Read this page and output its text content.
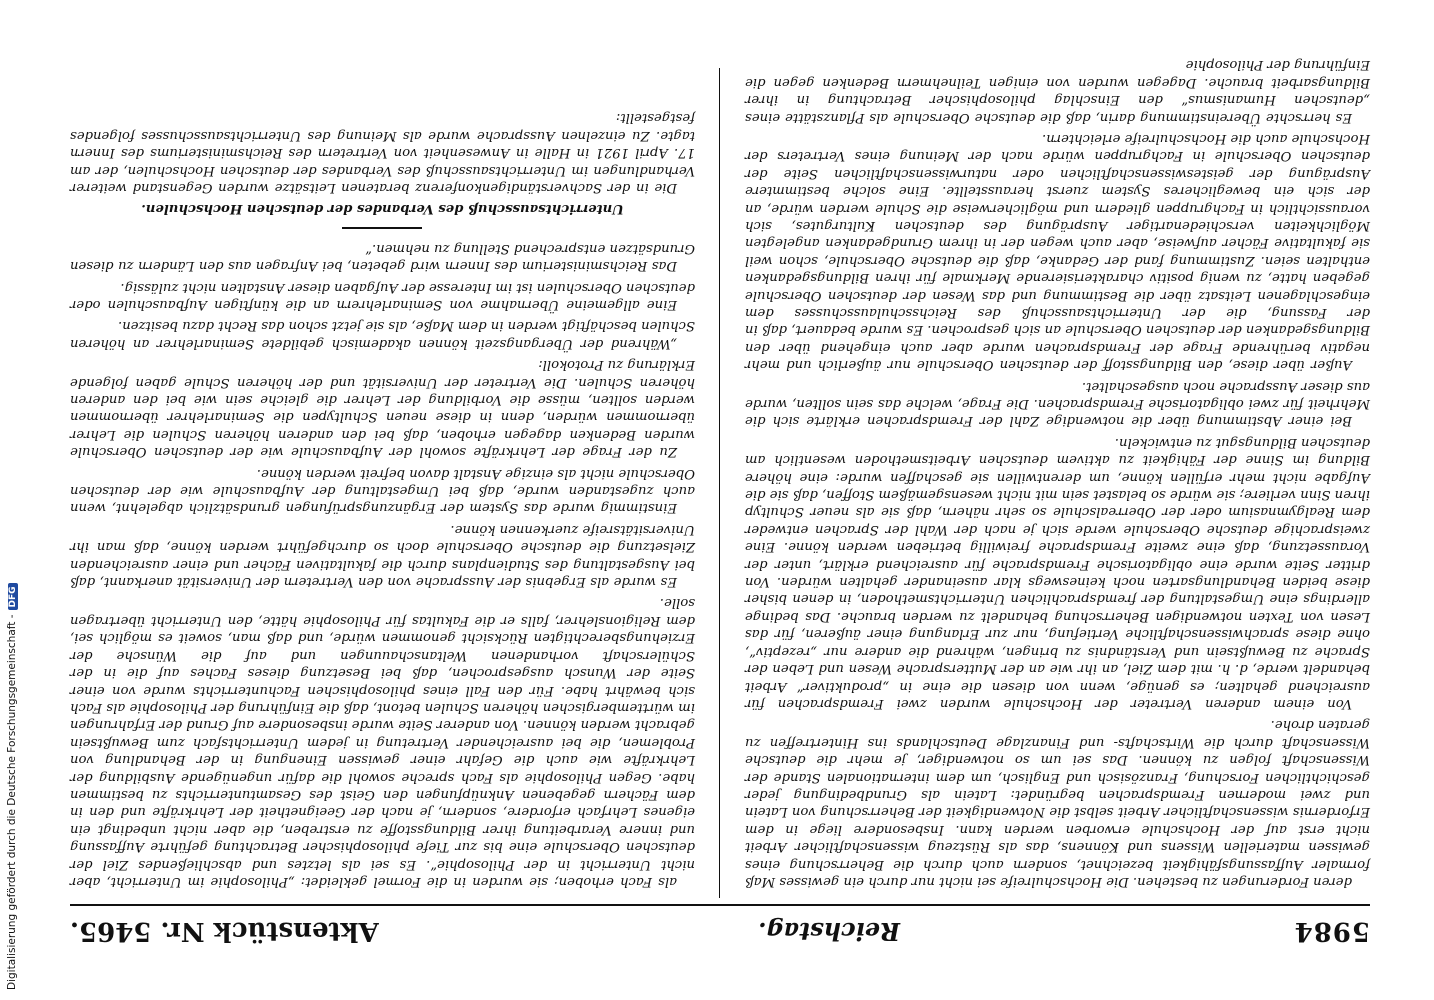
5984
Reichstag.
Aktenstück Nr. 5465.

deren Forderungen zu bestehen. Die Hochschulreife sei nicht nur durch ein gewisses Maß formaler Auffassungsfähigkeit bezeichnet, sondern auch durch die Beherrschung eines gewissen materiellen Wissens und Könnens, das als Rüstzeug wissenschaftlicher Arbeit nicht erst auf der Hochschule erworben werden kann. Insbesondere liege in dem Erfordernis wissenschaftlicher Arbeit selbst die Notwendigkeit der Beherrschung von Latein und zwei modernen Fremdsprachen begründet: Latein als Grundbedingung jeder geschichtlichen Forschung, Französisch und Englisch, um dem internationalen Stande der Wissenschaft folgen zu können. Das sei um so notwendiger, je mehr die deutsche Wissenschaft durch die Wirtschafts- und Finanzlage Deutschlands ins Hintertreffen zu geraten drohe.

Von einem anderen Vertreter der Hochschule wurden zwei Fremdsprachen für ausreichend gehalten; es genüge, wenn von diesen die eine in „produktiver“ Arbeit behandelt werde, d. h. mit dem Ziel, an ihr wie an der Muttersprache Wesen und Leben der Sprache zu Bewußtsein und Verständnis zu bringen, während die andere nur „rezeptiv“, ohne diese sprachwissenschaftliche Vertiefung, nur zur Erlangung einer äußeren, für das Lesen von Texten notwendigen Beherrschung behandelt zu werden brauche. Das bedinge allerdings eine Umgestaltung der fremdsprachlichen Unterrichtsmethoden, in denen bisher diese beiden Behandlungsarten noch keineswegs klar auseinander gehalten würden. Von dritter Seite wurde eine obligatorische Fremdsprache für ausreichend erklärt, unter der Voraussetzung, daß eine zweite Fremdsprache freiwillig betrieben werden könne. Eine zweisprachige deutsche Oberschule werde sich je nach der Wahl der Sprachen entweder dem Realgymnasium oder der Oberrealschule so sehr nähern, daß sie als neuer Schultyp ihren Sinn verliere; sie würde so belastet sein mit nicht wesensgemäßem Stoffen, daß sie die Aufgabe nicht mehr erfüllen könne, um derentwillen sie geschaffen wurde: eine höhere Bildung im Sinne der Fähigkeit zu aktivem deutschen Arbeitsmethoden wesentlich am deutschen Bildungsgut zu entwickeln.

Bei einer Abstimmung über die notwendige Zahl der Fremdsprachen erklärte sich die Mehrheit für zwei obligatorische Fremdsprachen. Die Frage, welche das sein sollten, wurde aus dieser Aussprache noch ausgeschaltet.

Außer über diese, den Bildungsstoff der deutschen Oberschule nur äußerlich und mehr negativ berührende Frage der Fremdsprachen wurde aber auch eingehend über den Bildungsgedanken der deutschen Oberschule an sich gesprochen. Es wurde bedauert, daß in der Fassung, die der Unterrichtsausschuß des Reichsschulausschusses dem eingeschlagenen Leitsatz über die Bestimmung und das Wesen der deutschen Oberschule gegeben hatte, zu wenig positiv charakterisierende Merkmale für ihren Bildungsgedanken enthalten seien. Zustimmung fand der Gedanke, daß die deutsche Oberschule, schon weil sie fakultative Fächer aufweise, aber auch wegen der in ihrem Grundgedanken angelegten Möglichkeiten verschiedenartiger Ausprägung des deutschen Kulturgutes, sich voraussichtlich in Fachgruppen gliedern und möglicherweise die Schule werden würde, an der sich ein beweglicheres System zuerst herausstellte. Eine solche bestimmtere Ausprägung der geisteswissenschaftlichen oder naturwissenschaftlichen Seite der deutschen Oberschule in Fachgruppen würde nach der Meinung eines Vertreters der Hochschule auch die Hochschulreife erleichtern.

Es herrschte Übereinstimmung darin, daß die deutsche Oberschule als Pflanzstätte eines „deutschen Humanismus“ den Einschlag philosophischer Betrachtung in ihrer Bildungsarbeit brauche. Dagegen wurden von einigen Teilnehmern Bedenken gegen die Einführung der Philosophie

als Fach erhoben; sie wurden in die Formel gekleidet: „Philosophie im Unterricht, aber nicht Unterricht in der Philosophie“. Es sei als letztes und abschließendes Ziel der deutschen Oberschule eine bis zur Tiefe philosophischer Betrachtung geführte Auffassung und innere Verarbeitung ihrer Bildungsstoffe zu erstreben, die aber nicht unbedingt ein eigenes Lehrfach erfordere, sondern, je nach der Geeignetheit der Lehrkräfte und den in dem Fächern gegebenen Anknüpfungen den Geist des Gesamtunterrichts zu bestimmen habe. Gegen Philosophie als Fach spreche sowohl die dafür ungenügende Ausbildung der Lehrkräfte wie auch die Gefahr einer gewissen Einengung in der Behandlung von Problemen, die bei ausreichender Vertretung in jedem Unterrichtsfach zum Bewußtsein gebracht werden können. Von anderer Seite wurde insbesondere auf Grund der Erfahrungen im württembergischen höheren Schulen betont, daß die Einführung der Philosophie als Fach sich bewährt habe. Für den Fall eines philosophischen Fachunterrichts wurde von einer Seite der Wunsch ausgesprochen, daß bei Besetzung dieses Faches auf die in der Schülerschaft vorhandenen Weltanschauungen und auf die Wünsche der Erziehungsberechtigten Rücksicht genommen würde, und daß man, soweit es möglich sei, dem Religionslehrer, falls er die Fakultas für Philosophie hätte, den Unterricht übertragen solle.

Es wurde als Ergebnis der Aussprache von den Vertretern der Universität anerkannt, daß bei Ausgestaltung des Studienplans durch die fakultativen Fächer und einer ausreichenden Zielsetzung die deutsche Oberschule doch so durchgeführt werden könne, daß man ihr Universitätsreife zuerkennen könne.

Einstimmig wurde das System der Ergänzungsprüfungen grundsätzlich abgelehnt, wenn auch zugestanden wurde, daß bei Umgestaltung der Aufbauschule wie der deutschen Oberschule nicht als einzige Anstalt davon befreit werden könne.

Zu der Frage der Lehrkräfte sowohl der Aufbauschule wie der deutschen Oberschule wurden Bedenken dagegen erhoben, daß bei den anderen höheren Schulen die Lehrer übernommen würden, denn in diese neuen Schultypen die Seminarlehrer übernommen werden sollten, müsse die Vorbildung der Lehrer die gleiche sein wie bei den anderen höheren Schulen. Die Vertreter der Universität und der höheren Schule gaben folgende Erklärung zu Protokoll:

„Während der Übergangszeit können akademisch gebildete Seminarlehrer an höheren Schulen beschäftigt werden in dem Maße, als sie jetzt schon das Recht dazu besitzen.

Eine allgemeine Übernahme von Seminarlehrern an die künftigen Aufbauschulen oder deutschen Oberschulen ist im Interesse der Aufgaben dieser Anstalten nicht zulässig.

Das Reichsministerium des Innern wird gebeten, bei Anfragen aus den Ländern zu diesen Grundsätzen entsprechend Stellung zu nehmen.“

Unterrichtsausschuß des Verbandes der deutschen Hochschulen.

Die in der Sachverständigenkonferenz beratenen Leitsätze wurden Gegenstand weiterer Verhandlungen im Unterrichtsausschuß des Verbandes der deutschen Hochschulen, der am 17. April 1921 in Halle in Anwesenheit von Vertretern des Reichsministeriums des Innern tagte. Zu einzelnen Aussprache wurde als Meinung des Unterrichtsausschusses folgendes festgestellt:

Digitalisierung gefördert durch die Deutsche Forschungsgemeinschaft -DFG
